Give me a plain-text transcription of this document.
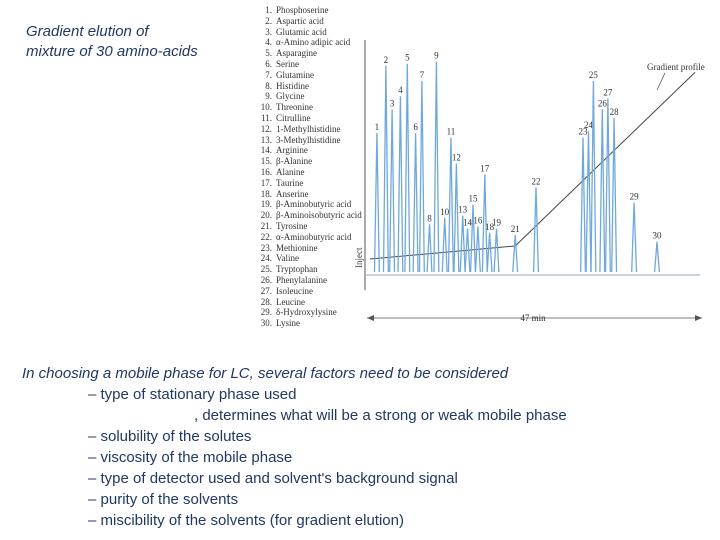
Gradient elution of
mixture of 30 amino-acids
1. Phosphoserine
2. Aspartic acid
3. Glutamic acid
4. α-Amino adipic acid
5. Asparagine
6. Serine
7. Glutamine
8. Histidine
9. Glycine
10. Threonine
11. Citrulline
12. 1-Methylhistidine
13. 3-Methylhistidine
14. Arginine
15. β-Alanine
16. Alanine
17. Taurine
18. Anserine
19. β-Aminobutyric acid
20. β-Aminoisobutyric acid
21. Tyrosine
22. α-Aminobutyric acid
23. Methionine
24. Valine
25. Tryptophan
26. Phenylalanine
27. Isoleucine
28. Leucine
29. δ-Hydroxylysine
30. Lysine
Inject
Gradient profile
1
2
3
4
5
6
7
8
9
10
11
12
13
14
15
16
17
18
19
21
22
23
24
25
26
27
28
29
30
47 min
In choosing a mobile phase for LC, several factors need to be considered
– type of stationary phase used
, determines what will be a strong or weak mobile phase
– solubility of the solutes
– viscosity of the mobile phase
– type of detector used and solvent's background signal
– purity of the solvents
– miscibility of the solvents (for gradient elution)
